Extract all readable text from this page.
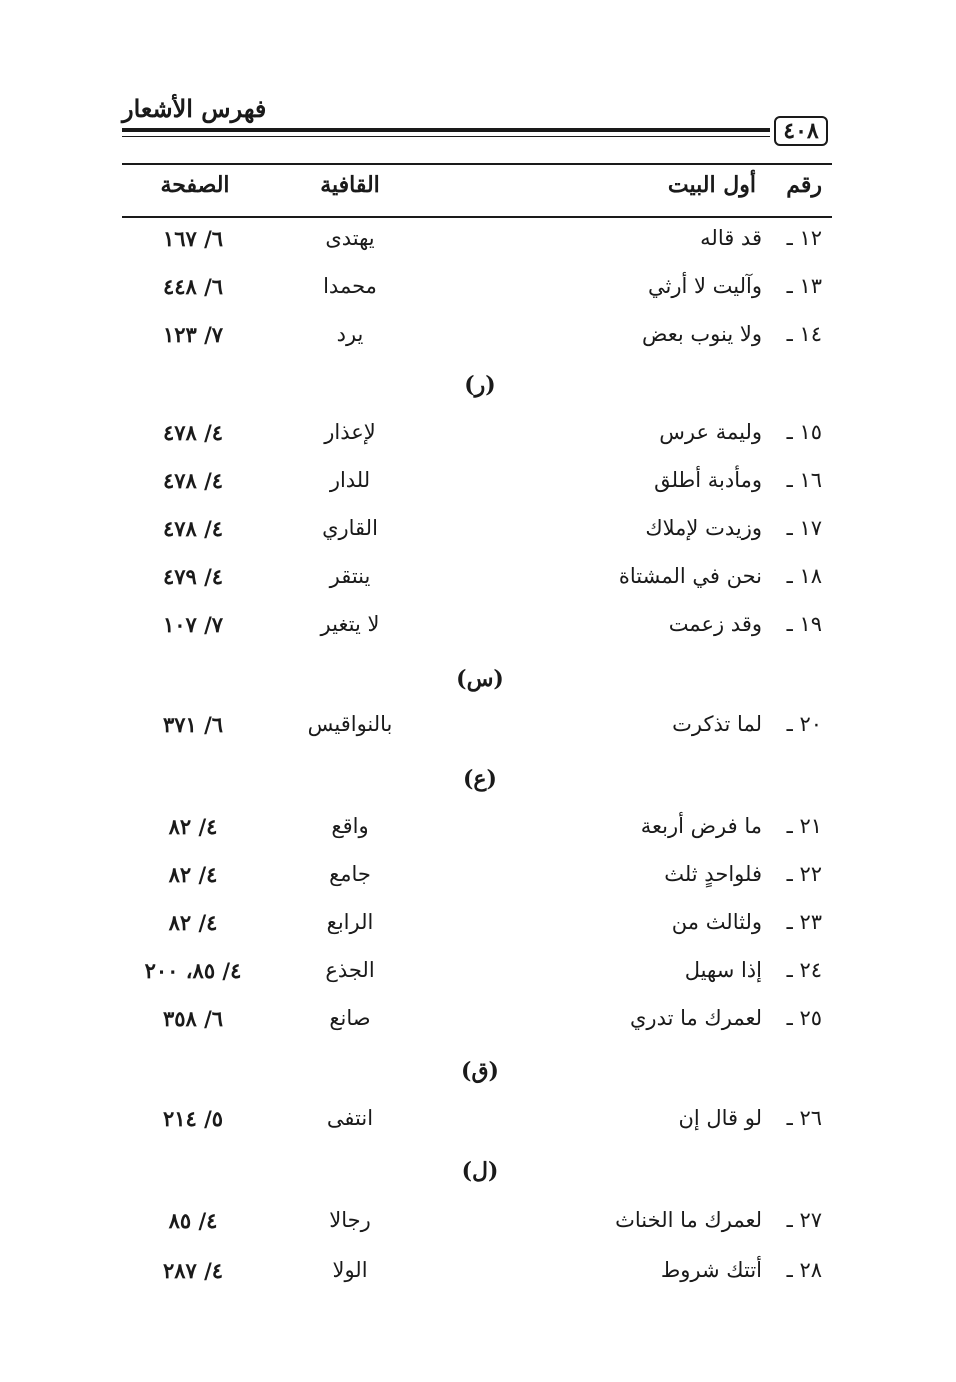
فهرس الأشعار
٤٠٨
رقم
أول البيت
القافية
الصفحة
١٢ ـ
قد قاله
يهتدى
٦/ ١٦٧
١٣ ـ
وآليت لا أرثي
محمدا
٦/ ٤٤٨
١٤ ـ
ولا ينوب بعض
يرد
٧/ ١٢٣
(ر)
١٥ ـ
وليمة عرس
لإعذار
٤/ ٤٧٨
١٦ ـ
ومأدبة أطلق
للدار
٤/ ٤٧٨
١٧ ـ
وزيدت لإملاك
القاري
٤/ ٤٧٨
١٨ ـ
نحن في المشتاة
ينتقر
٤/ ٤٧٩
١٩ ـ
وقد زعمت
لا يتغير
٧/ ١٠٧
(س)
٢٠ ـ
لما تذكرت
بالنواقيس
٦/ ٣٧١
(ع)
٢١ ـ
ما فرض أربعة
واقع
٤/ ٨٢
٢٢ ـ
فلواحدٍ ثلث
جامع
٤/ ٨٢
٢٣ ـ
ولثالث من
الرابع
٤/ ٨٢
٢٤ ـ
إذا سهيل
الجذع
٤/ ٨٥، ٢٠٠
٢٥ ـ
لعمرك ما تدري
صانع
٦/ ٣٥٨
(ق)
٢٦ ـ
لو قال إن
انتفى
٥/ ٢١٤
(ل)
٢٧ ـ
لعمرك ما الخناث
رجالا
٤/ ٨٥
٢٨ ـ
أتتك شروط
الولا
٤/ ٢٨٧
